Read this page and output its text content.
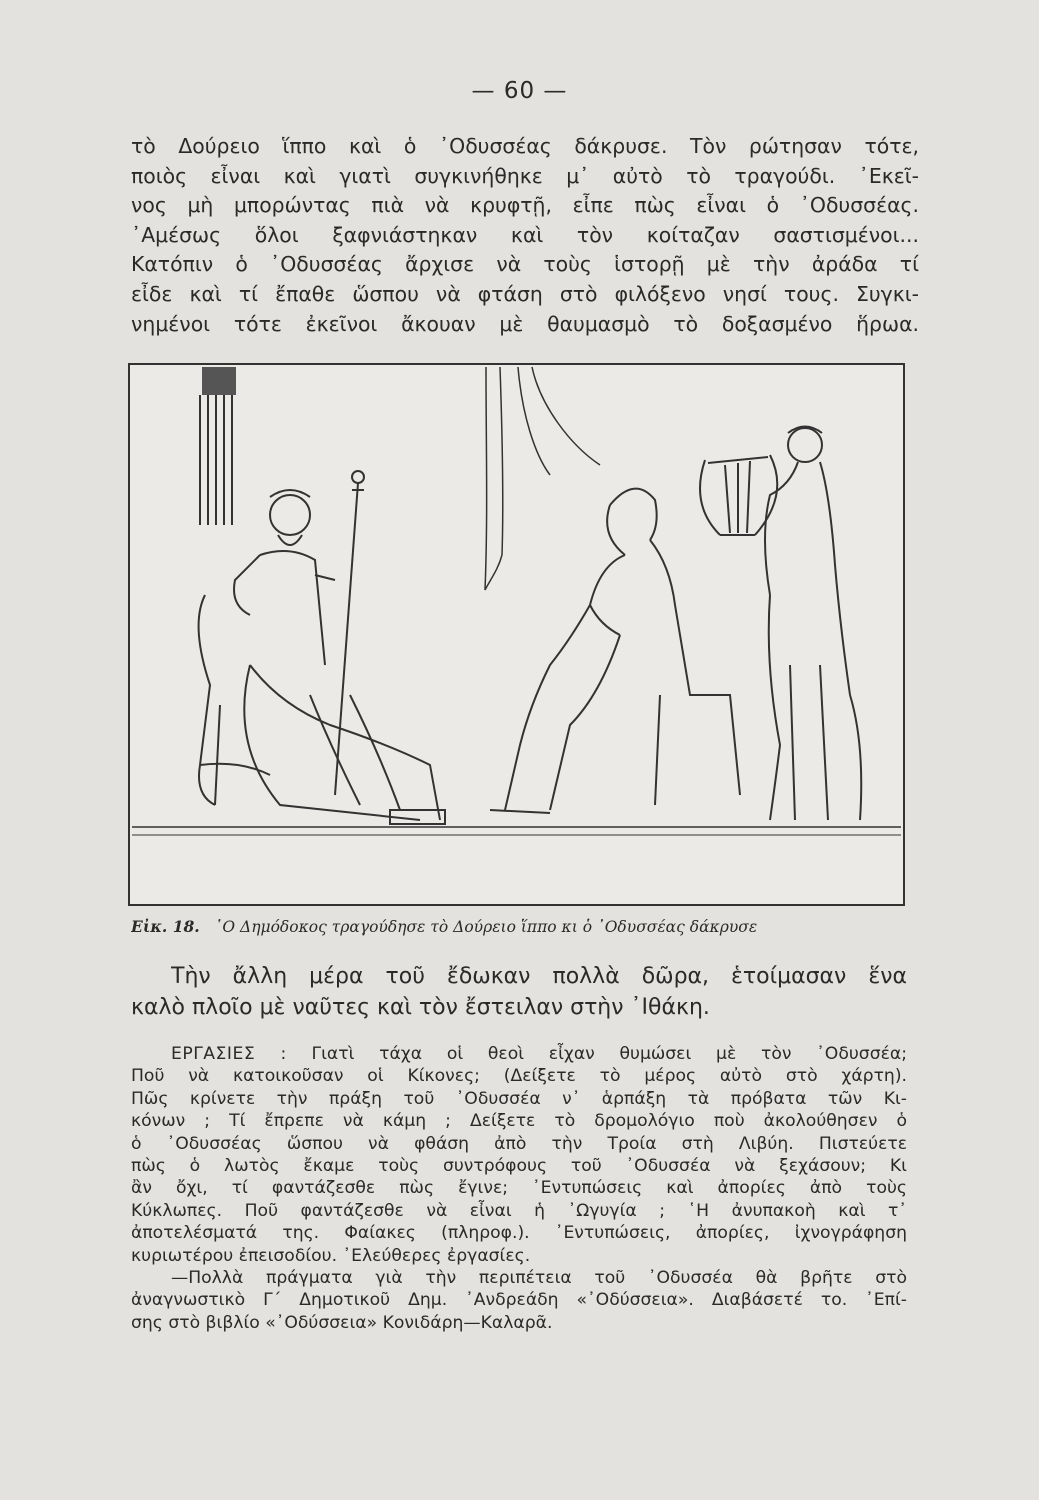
— 60 —
τὸ Δούρειο ἵππο καὶ ὁ ᾿Οδυσσέας δάκρυσε. Τὸν ρώτησαν τότε,
ποιὸς εἶναι καὶ γιατὶ συγκινήθηκε μ᾿ αὐτὸ τὸ τραγούδι. ᾿Εκεῖ-
νος μὴ μπορώντας πιὰ νὰ κρυφτῇ, εἶπε πὼς εἶναι ὁ ᾿Οδυσσέας.
᾿Αμέσως ὅλοι ξαφνιάστηκαν καὶ τὸν κοίταζαν σαστισμένοι...
Κατόπιν ὁ ᾿Οδυσσέας ἄρχισε νὰ τοὺς ἱστορῇ μὲ τὴν ἀράδα τί
εἶδε καὶ τί ἔπαθε ὥσπου νὰ φτάση στὸ φιλόξενο νησί τους. Συγκι-
νημένοι τότε ἐκεῖνοι ἄκουαν μὲ θαυμασμὸ τὸ δοξασμένο ἥρωα.
Εἰκ. 18. ῾Ο Δημόδοκος τραγούδησε τὸ Δούρειο ἵππο κι ὁ ᾿Οδυσσέας δάκρυσε
Τὴν ἄλλη μέρα τοῦ ἔδωκαν πολλὰ δῶρα, ἑτοίμασαν ἕνα
καλὸ πλοῖο μὲ ναῦτες καὶ τὸν ἔστειλαν στὴν ᾿Ιθάκη.
ΕΡΓΑΣΙΕΣ : Γιατὶ τάχα οἱ θεοὶ εἶχαν θυμώσει μὲ τὸν ᾿Οδυσσέα;
Ποῦ νὰ κατοικοῦσαν οἱ Κίκονες; (Δείξετε τὸ μέρος αὐτὸ στὸ χάρτη).
Πῶς κρίνετε τὴν πράξη τοῦ ᾿Οδυσσέα ν᾿ ἁρπάξη τὰ πρόβατα τῶν Κι-
κόνων ; Τί ἔπρεπε νὰ κάμη ; Δείξετε τὸ δρομολόγιο ποὺ ἀκολούθησεν ὁ
ὁ ᾿Οδυσσέας ὥσπου νὰ φθάση ἀπὸ τὴν Τροία στὴ Λιβύη. Πιστεύετε
πὼς ὁ λωτὸς ἔκαμε τοὺς συντρόφους τοῦ ᾿Οδυσσέα νὰ ξεχάσουν; Κι
ἂν ὄχι, τί φαντάζεσθε πὼς ἔγινε; ᾿Εντυπώσεις καὶ ἀπορίες ἀπὸ τοὺς
Κύκλωπες. Ποῦ φαντάζεσθε νὰ εἶναι ἡ ᾿Ωγυγία ; ῾Η ἀνυπακοὴ καὶ τ᾿
ἀποτελέσματά της. Φαίακες (πληροφ.). ᾿Εντυπώσεις, ἀπορίες, ἰχνογράφηση
κυριωτέρου ἐπεισοδίου. ᾿Ελεύθερες ἐργασίες.
—Πολλὰ πράγματα γιὰ τὴν περιπέτεια τοῦ ᾿Οδυσσέα θὰ βρῆτε στὸ
ἀναγνωστικὸ Γ΄ Δημοτικοῦ Δημ. ᾿Ανδρεάδη «᾿Οδύσσεια». Διαβάσετέ το. ᾿Επί-
σης στὸ βιβλίο «᾿Οδύσσεια» Κονιδάρη—Καλαρᾶ.
